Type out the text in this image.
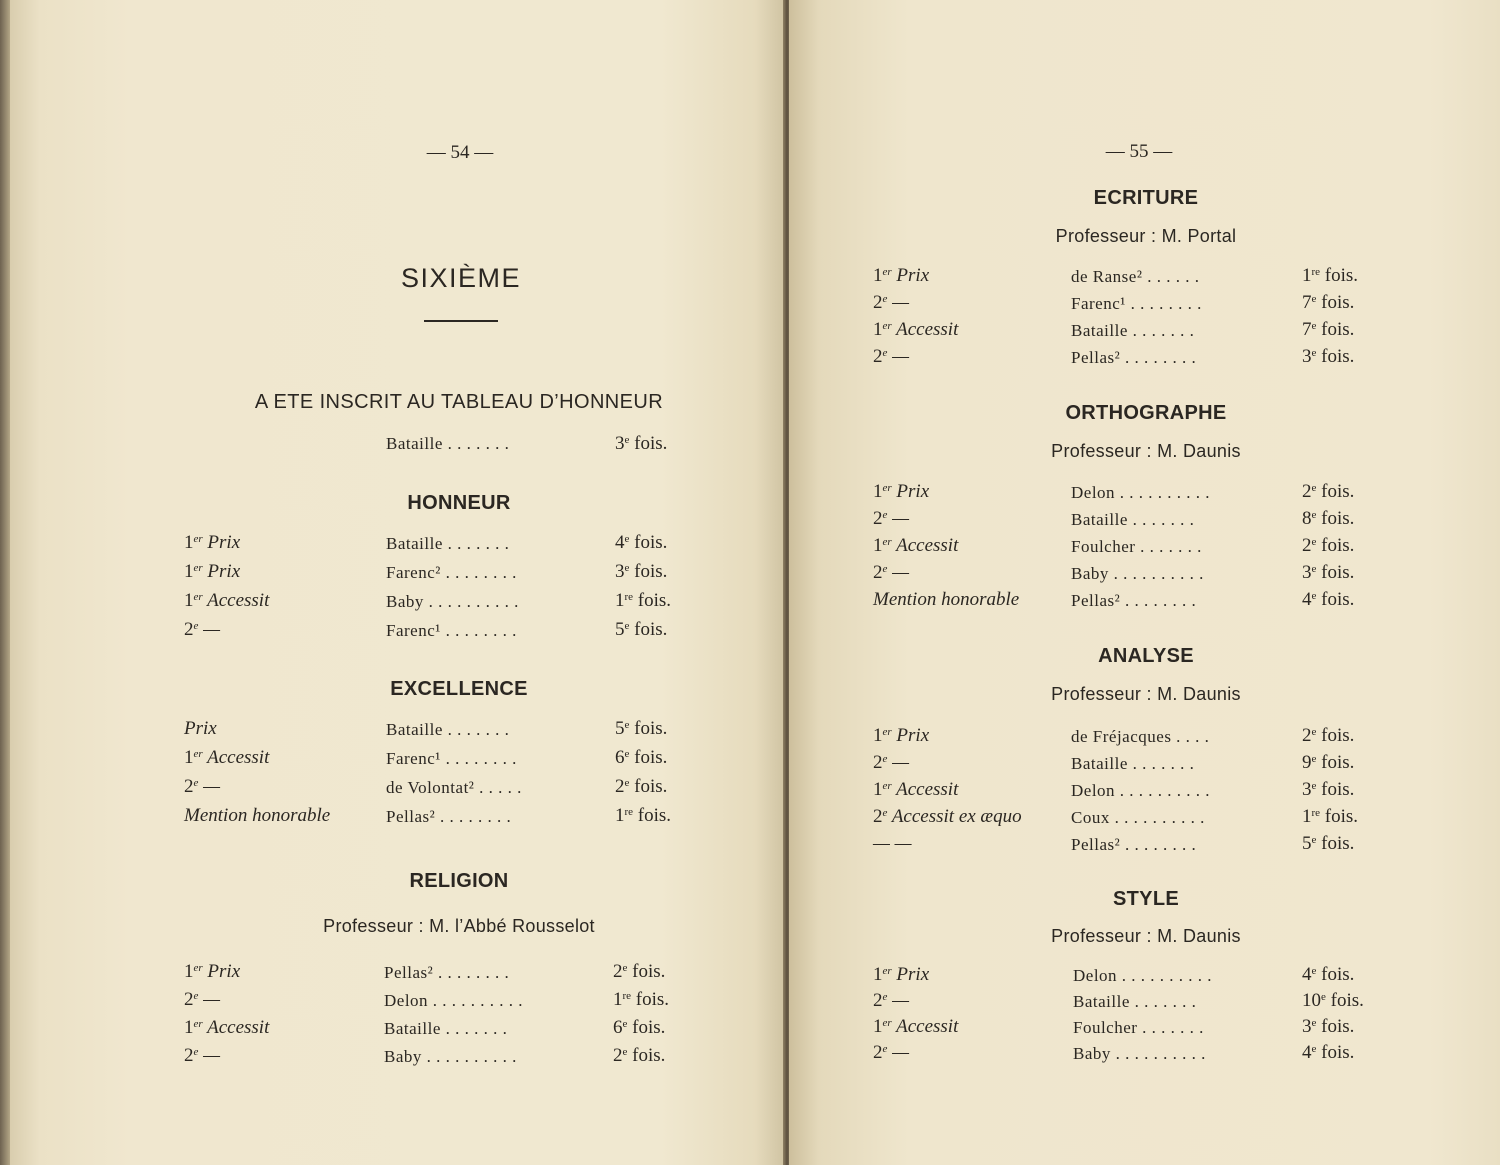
— 54 —
SIXIÈME
A ETE INSCRIT AU TABLEAU D’HONNEUR
Bataille . . . . . . .	3e fois.
HONNEUR
EXCELLENCE
RELIGION
Professeur : M. l’Abbé Rousselot
1er Prix	Bataille . . . . . . .	4e fois.
1er Prix	Farenc² . . . . . . . .	3e fois.
1er Accessit	Baby . . . . . . . . . .	1re fois.
2e —	Farenc¹ . . . . . . . .	5e fois.
Prix	Bataille . . . . . . .	5e fois.
1er Accessit	Farenc¹ . . . . . . . .	6e fois.
2e —	de Volontat² . . . . .	2e fois.
Mention honorable	Pellas² . . . . . . . .	1re fois.
1er Prix	Pellas² . . . . . . . .	2e fois.
2e —	Delon . . . . . . . . . .	1re fois.
1er Accessit	Bataille . . . . . . .	6e fois.
2e —	Baby . . . . . . . . . .	2e fois.
— 55 —
ECRITURE
Professeur : M. Portal
ORTHOGRAPHE
Professeur : M. Daunis
ANALYSE
Professeur : M. Daunis
STYLE
Professeur : M. Daunis
1er Prix	de Ranse² . . . . . .	1re fois.
2e —	Farenc¹ . . . . . . . .	7e fois.
1er Accessit	Bataille . . . . . . .	7e fois.
2e —	Pellas² . . . . . . . .	3e fois.
1er Prix	Delon . . . . . . . . . .	2e fois.
2e —	Bataille . . . . . . .	8e fois.
1er Accessit	Foulcher . . . . . . .	2e fois.
2e —	Baby . . . . . . . . . .	3e fois.
Mention honorable	Pellas² . . . . . . . .	4e fois.
1er Prix	de Fréjacques . . . .	2e fois.
2e —	Bataille . . . . . . .	9e fois.
1er Accessit	Delon . . . . . . . . . .	3e fois.
2e Accessit ex æquo	Coux . . . . . . . . . .	1re fois.
— —	Pellas² . . . . . . . .	5e fois.
1er Prix	Delon . . . . . . . . . .	4e fois.
2e —	Bataille . . . . . . .	10e fois.
1er Accessit	Foulcher . . . . . . .	3e fois.
2e —	Baby . . . . . . . . . .	4e fois.
